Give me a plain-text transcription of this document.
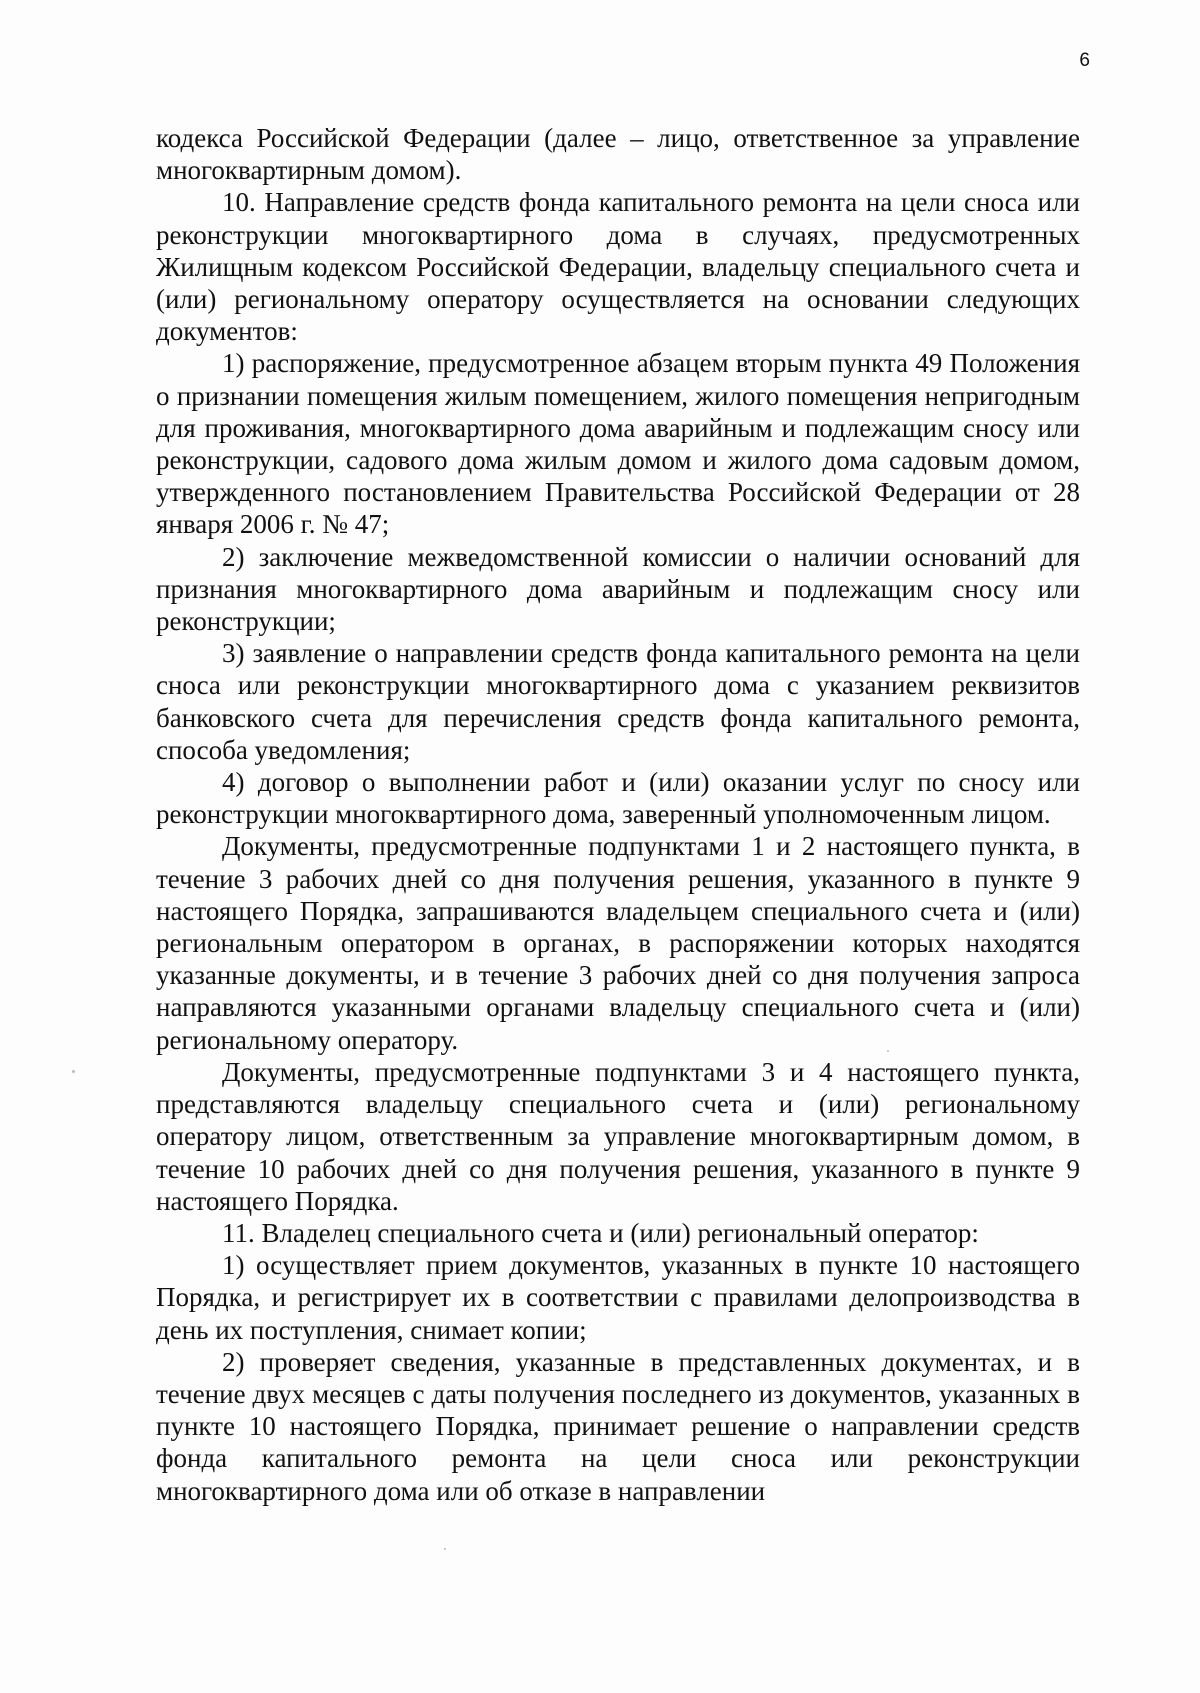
6

кодекса Российской Федерации (далее – лицо, ответственное за управление многоквартирным домом).

10. Направление средств фонда капитального ремонта на цели сноса или реконструкции многоквартирного дома в случаях, предусмотренных Жилищным кодексом Российской Федерации, владельцу специального счета и (или) региональному оператору осуществляется на основании следующих документов:

1) распоряжение, предусмотренное абзацем вторым пункта 49 Положения о признании помещения жилым помещением, жилого помещения непригодным для проживания, многоквартирного дома аварийным и подлежащим сносу или реконструкции, садового дома жилым домом и жилого дома садовым домом, утвержденного постановлением Правительства Российской Федерации от 28 января 2006 г. № 47;

2) заключение межведомственной комиссии о наличии оснований для признания многоквартирного дома аварийным и подлежащим сносу или реконструкции;

3) заявление о направлении средств фонда капитального ремонта на цели сноса или реконструкции многоквартирного дома с указанием реквизитов банковского счета для перечисления средств фонда капитального ремонта, способа уведомления;

4) договор о выполнении работ и (или) оказании услуг по сносу или реконструкции многоквартирного дома, заверенный уполномоченным лицом.

Документы, предусмотренные подпунктами 1 и 2 настоящего пункта, в течение 3 рабочих дней со дня получения решения, указанного в пункте 9 настоящего Порядка, запрашиваются владельцем специального счета и (или) региональным оператором в органах, в распоряжении которых находятся указанные документы, и в течение 3 рабочих дней со дня получения запроса направляются указанными органами владельцу специального счета и (или) региональному оператору.

Документы, предусмотренные подпунктами 3 и 4 настоящего пункта, представляются владельцу специального счета и (или) региональному оператору лицом, ответственным за управление многоквартирным домом, в течение 10 рабочих дней со дня получения решения, указанного в пункте 9 настоящего Порядка.

11. Владелец специального счета и (или) региональный оператор:

1) осуществляет прием документов, указанных в пункте 10 настоящего Порядка, и регистрирует их в соответствии с правилами делопроизводства в день их поступления, снимает копии;

2) проверяет сведения, указанные в представленных документах, и в течение двух месяцев с даты получения последнего из документов, указанных в пункте 10 настоящего Порядка, принимает решение о направлении средств фонда капитального ремонта на цели сноса или реконструкции многоквартирного дома или об отказе в направлении
